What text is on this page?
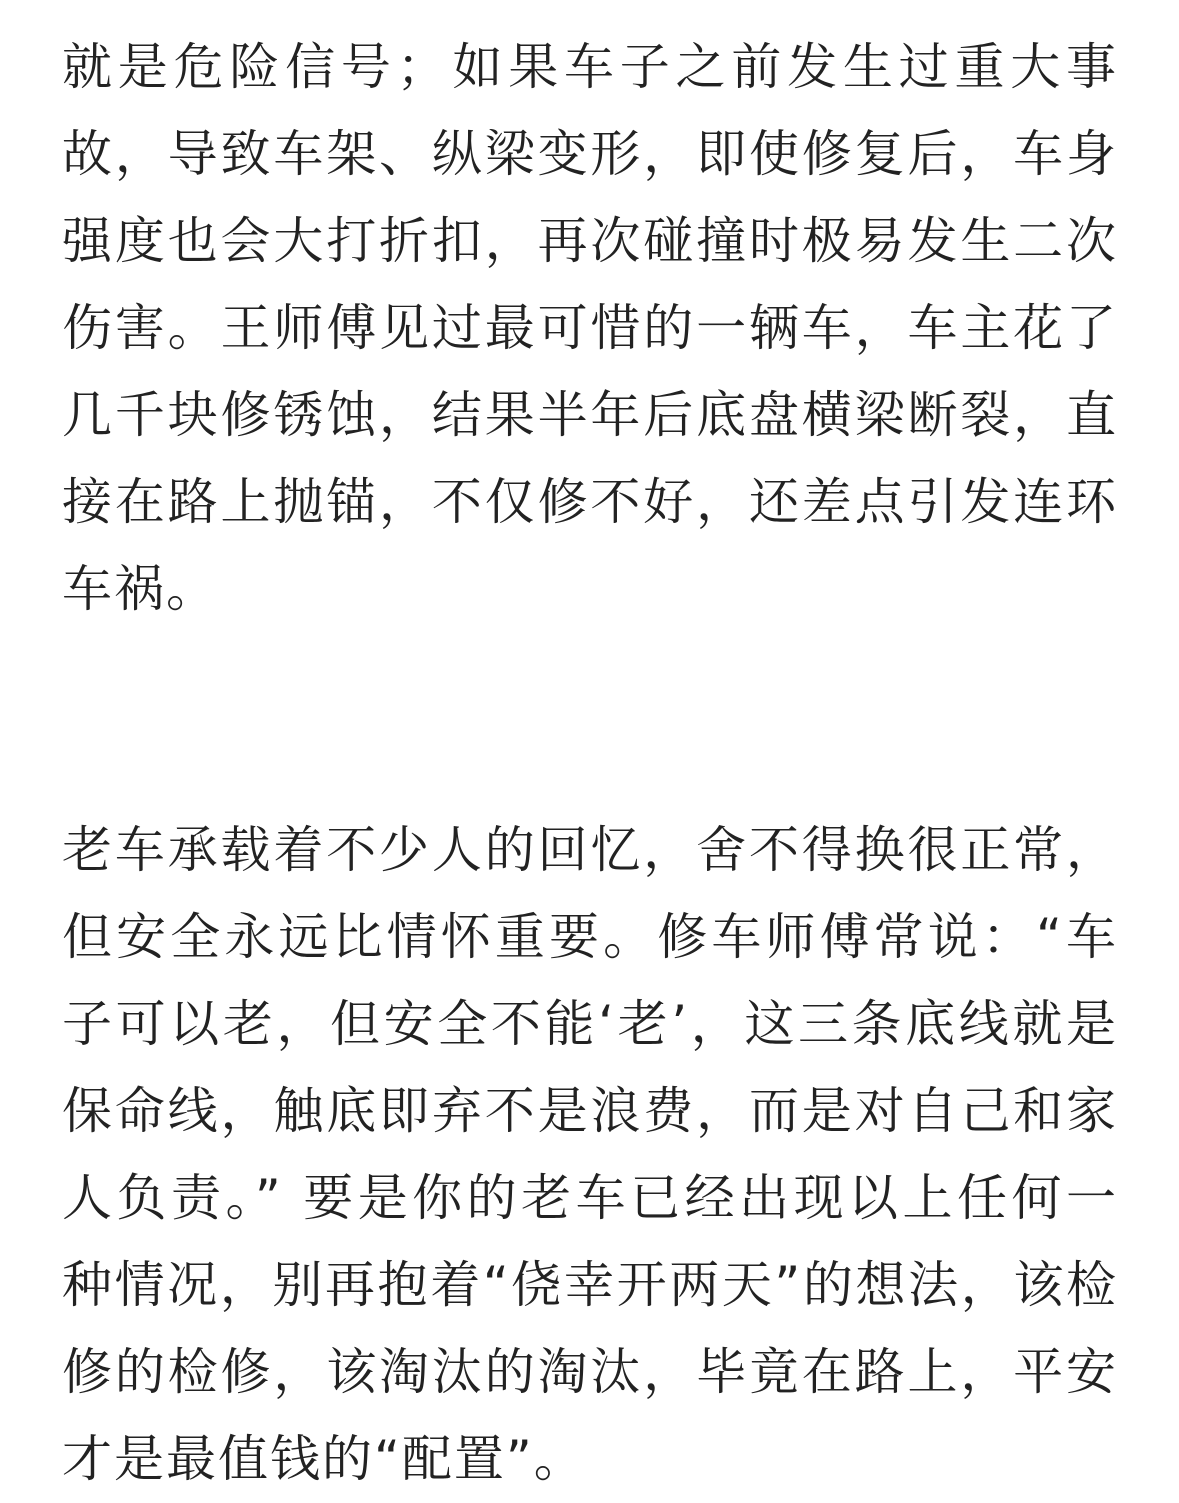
就是危险信号；如果车子之前发生过重大事故，导致车架、纵梁变形，即使修复后，车身强度也会大打折扣，再次碰撞时极易发生二次伤害。王师傅见过最可惜的一辆车，车主花了几千块修锈蚀，结果半年后底盘横梁断裂，直接在路上抛锚，不仅修不好，还差点引发连环车祸。

老车承载着不少人的回忆，舍不得换很正常，但安全永远比情怀重要。修车师傅常说：“车子可以老，但安全不能‘老’，这三条底线就是保命线，触底即弃不是浪费，而是对自己和家人负责。” 要是你的老车已经出现以上任何一种情况，别再抱着“侥幸开两天”的想法，该检修的检修，该淘汰的淘汰，毕竟在路上，平安才是最值钱的“配置”。
